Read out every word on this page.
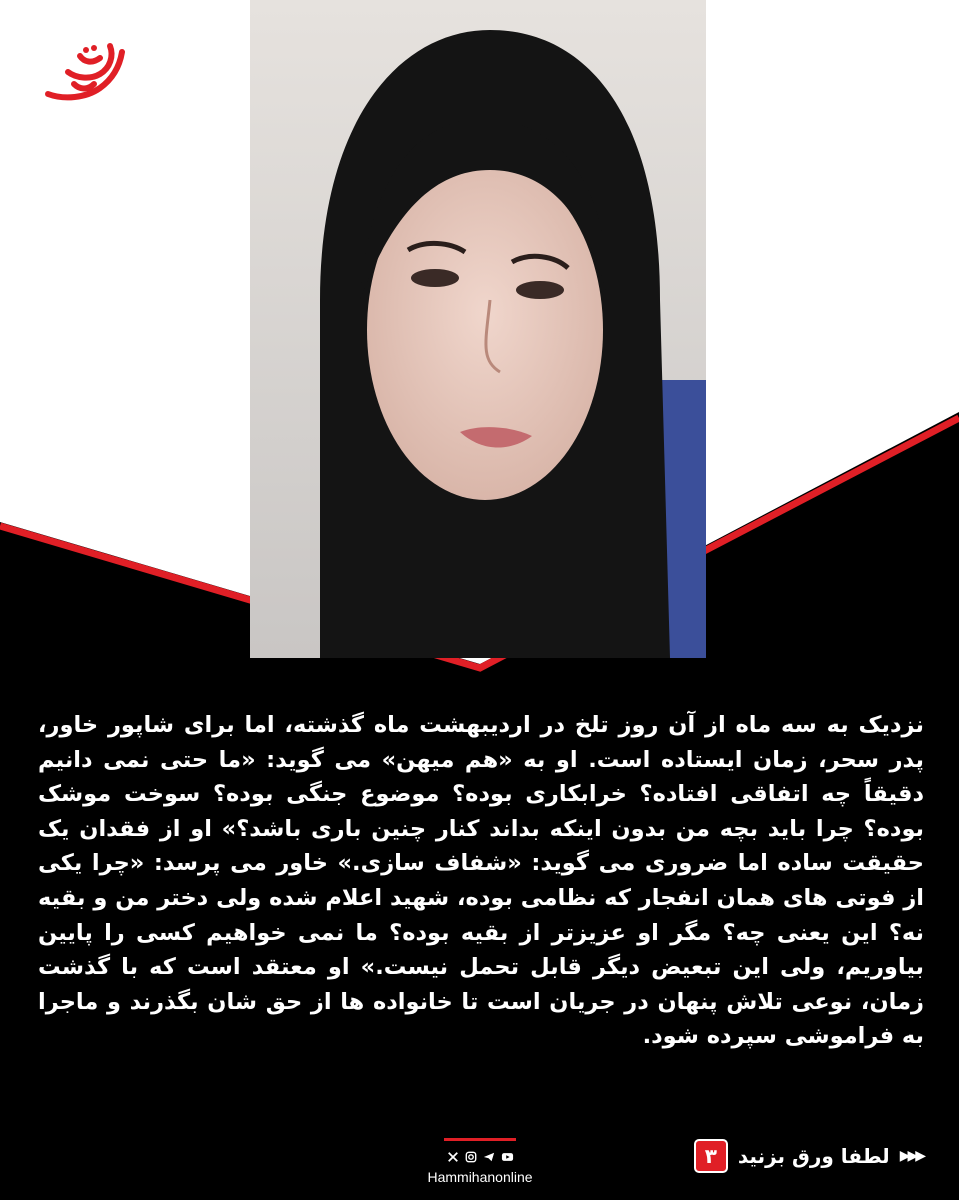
نزدیک به سه ماه از آن روز تلخ در اردیبهشت ماه گذشته، اما برای شاپور خاور، پدر سحر، زمان ایستاده است. او به «هم میهن» می گوید: «ما حتی نمی دانیم دقیقاً چه اتفاقی افتاده؟ خرابکاری بوده؟ موضوع جنگی بوده؟ سوخت موشک بوده؟ چرا باید بچه من بدون اینکه بداند کنار چنین باری باشد؟» او از فقدان یک حقیقت ساده اما ضروری می گوید: «شفاف سازی.» خاور می پرسد: «چرا یکی از فوتی های همان انفجار که نظامی بوده، شهید اعلام شده ولی دختر من و بقیه نه؟ این یعنی چه؟ مگر او عزیزتر از بقیه بوده؟ ما نمی خواهیم کسی را پایین بیاوریم، ولی این تبعیض دیگر قابل تحمل نیست.» او معتقد است که با گذشت زمان، نوعی تلاش پنهان در جریان است تا خانواده ها از حق شان بگذرند و ماجرا به فراموشی سپرده شود.
۳	لطفا ورق بزنید ▶▶▶
Hammihanonline
